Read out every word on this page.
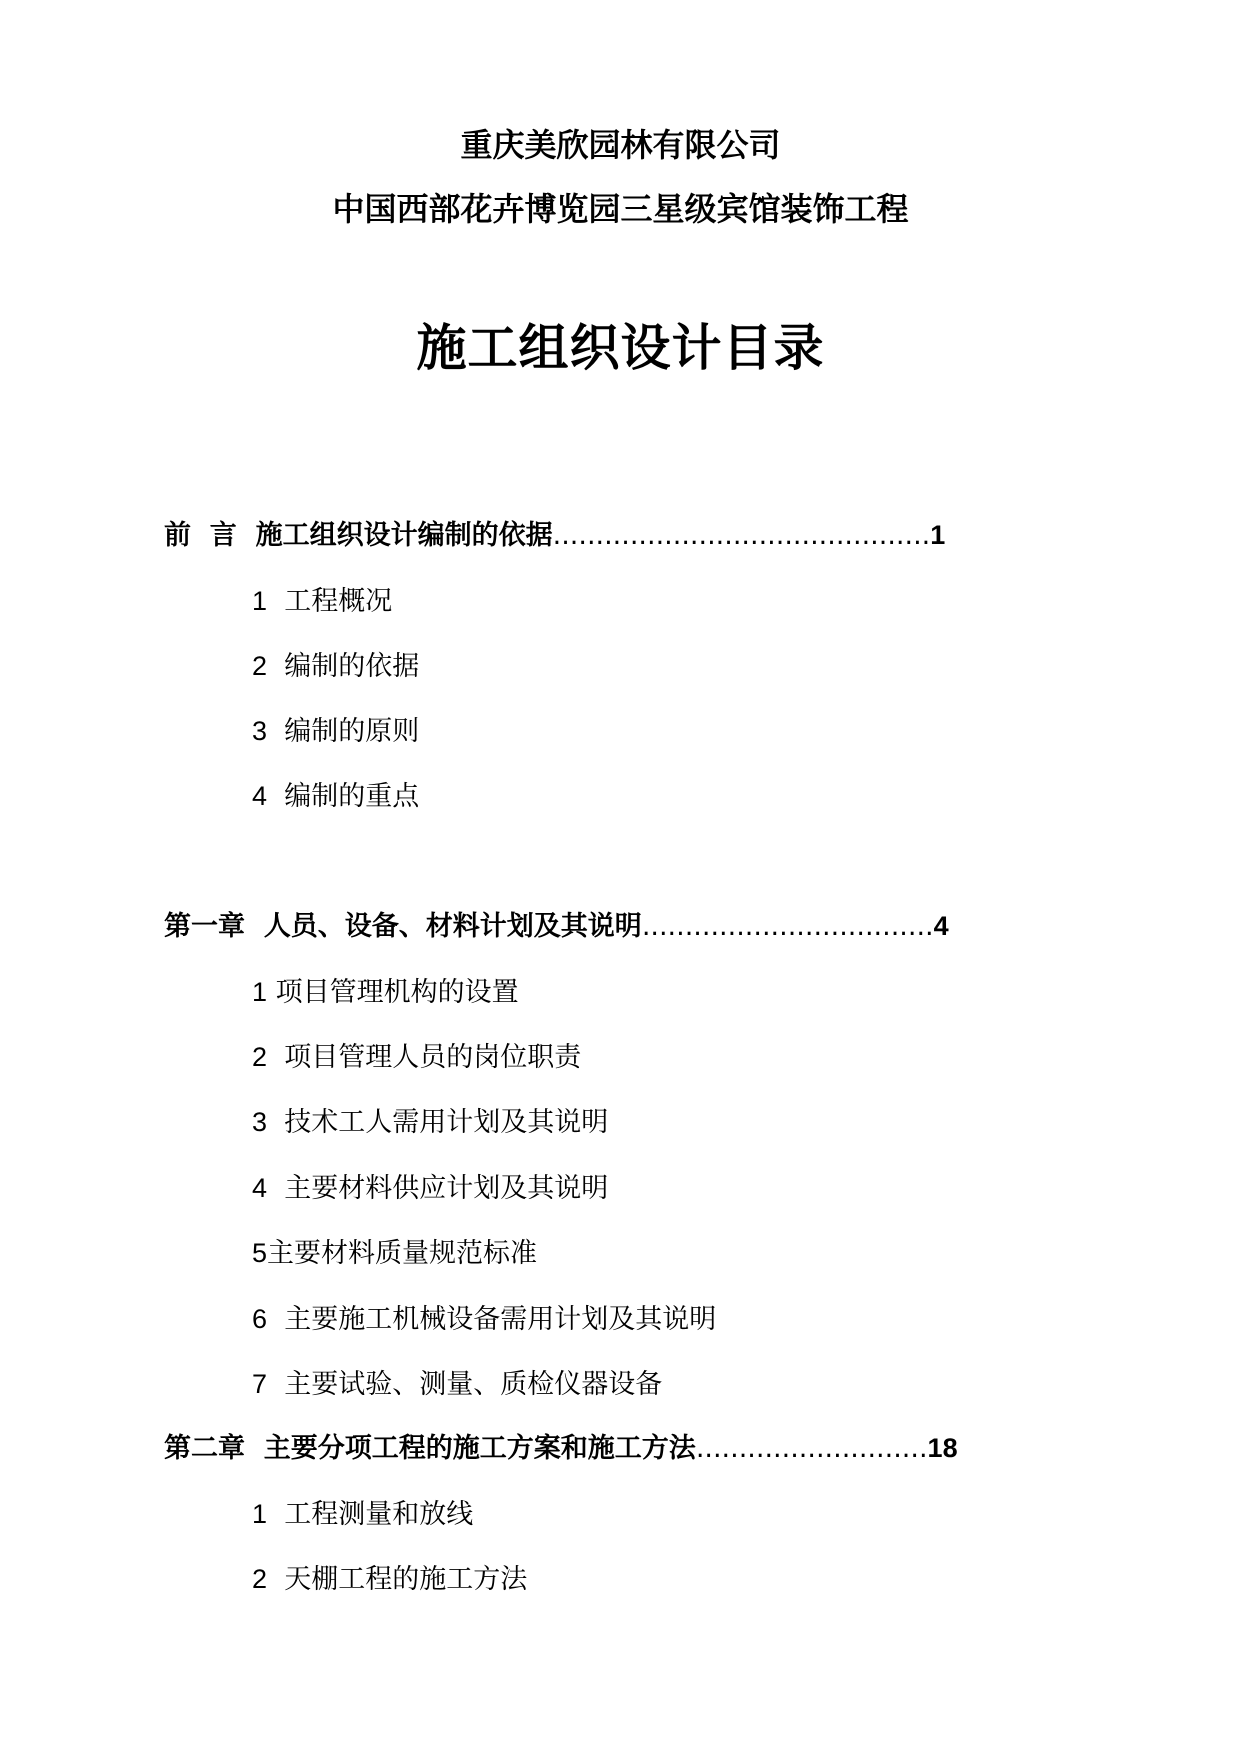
重庆美欣园林有限公司
中国西部花卉博览园三星级宾馆装饰工程
施工组织设计目录
前  言  施工组织设计编制的依据 ............................................ 1
1 工程概况
2 编制的依据
3 编制的原则
4 编制的重点
第一章  人员、设备、材料计划及其说明 .................................. 4
1 项目管理机构的设置
2 项目管理人员的岗位职责
3 技术工人需用计划及其说明
4 主要材料供应计划及其说明
5主要材料质量规范标准
6 主要施工机械设备需用计划及其说明
7 主要试验、测量、质检仪器设备
第二章  主要分项工程的施工方案和施工方法 ........................... 18
1 工程测量和放线
2 天棚工程的施工方法
